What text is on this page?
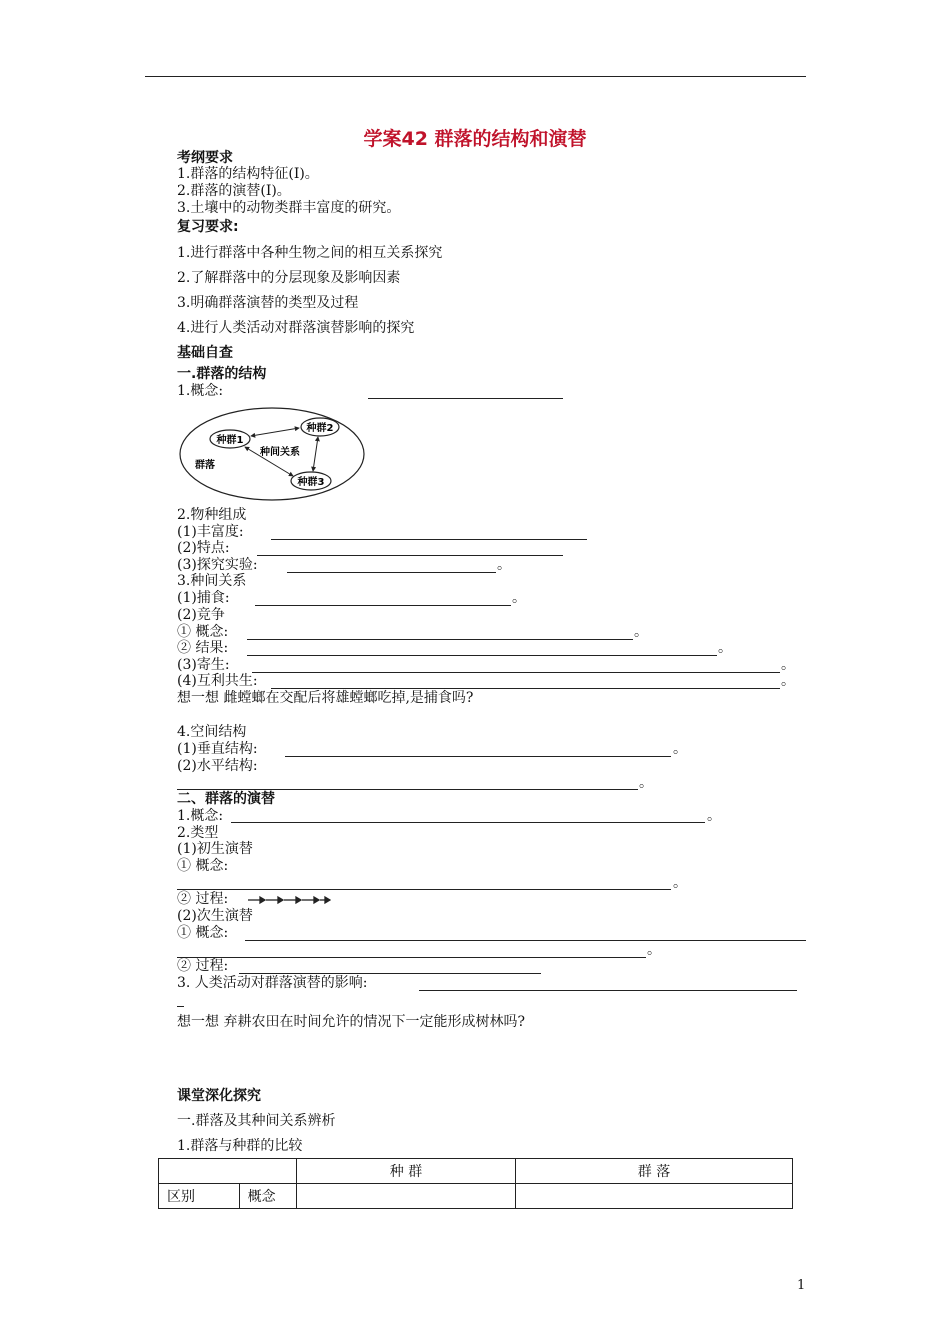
学案42 群落的结构和演替
考纲要求
1.群落的结构特征(Ⅰ)。
2.群落的演替(Ⅰ)。
3.土壤中的动物类群丰富度的研究。
复习要求:
1.进行群落中各种生物之间的相互关系探究
2.了解群落中的分层现象及影响因素
3.明确群落演替的类型及过程
4.进行人类活动对群落演替影响的探究
基础自查
一.群落的结构
1.概念:
种群1
种群2
种群3
种间关系
群落
2.物种组成
(1)丰富度:
(2)特点:
(3)探究实验:	。
3.种间关系
(1)捕食:	。
(2)竞争
① 概念:	。
② 结果:	。
(3)寄生:	。
(4)互利共生:	。
想一想 雌螳螂在交配后将雄螳螂吃掉,是捕食吗?
4.空间结构
(1)垂直结构:	。
(2)水平结构:
。
二、群落的演替
1.概念:	。
2.类型
(1)初生演替
① 概念:
。
② 过程:
(2)次生演替
① 概念:
。
② 过程:
3. 人类活动对群落演替的影响:
想一想 弃耕农田在时间允许的情况下一定能形成树林吗?
课堂深化探究
一.群落及其种间关系辨析
1.群落与种群的比较
		种 群	群 落
区别	概念		
1
